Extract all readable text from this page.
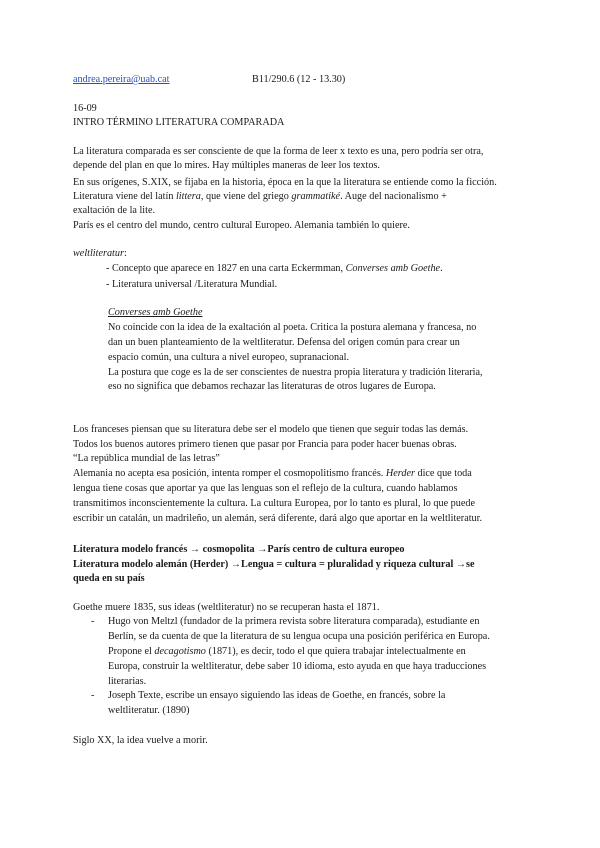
andrea.pereira@uab.cat	B11/290.6 (12 - 13.30)
16-09
INTRO TÉRMINO LITERATURA COMPARADA
La literatura comparada es ser consciente de que la forma de leer x texto es una, pero podría ser otra,
depende del plan en que lo mires. Hay múltiples maneras de leer los textos.
En sus orígenes, S.XIX, se fijaba en la historia, época en la que la literatura se entiende como la ficción.
Literatura viene del latín littera, que viene del griego grammatiké. Auge del nacionalismo +
exaltación de la lite.
París es el centro del mundo, centro cultural Europeo. Alemania también lo quiere.
weltliteratur:
- Concepto que aparece en 1827 en una carta Eckermman, Converses amb Goethe.
- Literatura universal /Literatura Mundial.
Converses amb Goethe
No coincide con la idea de la exaltación al poeta. Critica la postura alemana y francesa, no
dan un buen planteamiento de la weltliteratur. Defensa del origen común para crear un
espacio común, una cultura a nivel europeo, supranacional.
La postura que coge es la de ser conscientes de nuestra propia literatura y tradición literaria,
eso no significa que debamos rechazar las literaturas de otros lugares de Europa.
Los franceses piensan que su literatura debe ser el modelo que tienen que seguir todas las demás.
Todos los buenos autores primero tienen que pasar por Francia para poder hacer buenas obras.
“La república mundial de las letras”
Alemania no acepta esa posición, intenta romper el cosmopolitismo francés. Herder dice que toda
lengua tiene cosas que aportar ya que las lenguas son el reflejo de la cultura, cuando hablamos
transmitimos inconscientemente la cultura. La cultura Europea, por lo tanto es plural, lo que puede
escribir un catalán, un madrileño, un alemán, será diferente, dará algo que aportar en la weltliteratur.
Literatura modelo francés → cosmopolita →París centro de cultura europeo
Literatura modelo alemán (Herder) →Lengua = cultura = pluralidad y riqueza cultural →se
queda en su país
Goethe muere 1835, sus ideas (weltliteratur) no se recuperan hasta el 1871.
- Hugo von Meltzl (fundador de la primera revista sobre literatura comparada), estudiante en
Berlín, se da cuenta de que la literatura de su lengua ocupa una posición periférica en Europa.
Propone el decagotismo (1871), es decir, todo el que quiera trabajar intelectualmente en
Europa, construir la weltliteratur, debe saber 10 idioma, esto ayuda en que haya traducciones
literarias.
- Joseph Texte, escribe un ensayo siguiendo las ideas de Goethe, en francés, sobre la
weltliteratur. (1890)
Siglo XX, la idea vuelve a morir.
